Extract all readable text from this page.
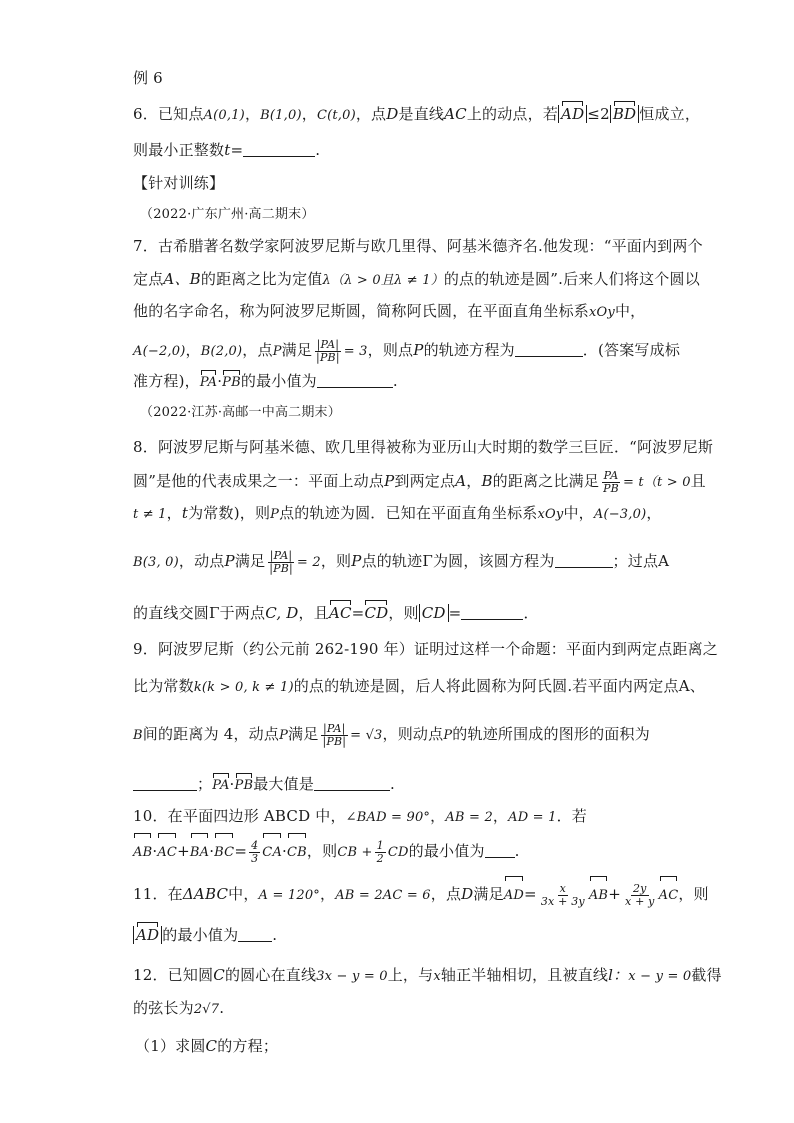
例 6
6．已知点A(0,1)，B(1,0)，C(t,0)，点D是直线AC上的动点，若 AD ≤2 BD 恒成立，
则最小正整数t=	.
【针对训练】
（2022·广东广州·高二期末）
7．古希腊著名数学家阿波罗尼斯与欧几里得、阿基米德齐名.他发现：“平面内到两个
定点A、B的距离之比为定值λ（λ > 0且λ ≠ 1）的点的轨迹是圆”.后来人们将这个圆以
他的名字命名，称为阿波罗尼斯圆，简称阿氏圆，在平面直角坐标系xOy中，
A(−2,0)，B(2,0)，点P满足 $\frac{|PA|}{|PB|} = 3$，则点P的轨迹方程为	．(答案写成标
准方程)，PA·PB的最小值为	.
（2022·江苏·高邮一中高二期末）
8．阿波罗尼斯与阿基米德、欧几里得被称为亚历山大时期的数学三巨匠．“阿波罗尼斯
圆”是他的代表成果之一：平面上动点P到两定点A，B的距离之比满足 $\frac{PA}{PB} = t(t > 0$且
t ≠ 1，t为常数)，则P点的轨迹为圆．已知在平面直角坐标系xOy中，A(−3,0)，
B(3, 0)，动点P满足 $\frac{|PA|}{|PB|} = 2$，则P点的轨迹Γ为圆，该圆方程为	；过点A
的直线交圆Γ于两点C, D，且AC=CD，则 CD =	．
9．阿波罗尼斯（约公元前 262-190 年）证明过这样一个命题：平面内到两定点距离之
比为常数k(k > 0, k ≠ 1)的点的轨迹是圆，后人将此圆称为阿氏圆.若平面内两定点A、
B间的距离为 4，动点P满足 $\frac{|PA|}{|PB|} = √3$，则动点P的轨迹所围成的图形的面积为
；PA·PB最大值是	.
10．在平面四边形 ABCD 中，∠BAD = 90°，AB = 2，AD = 1．若
$AB\cdot AC+BA\cdot BC= \frac{4}{3} CA\cdot CB$，则CB + $\frac{1}{2}$ CD的最小值为 .
11．在ΔABC中，A = 120°，AB = 2AC = 6，点D满足$AD= \frac{x}{3x + 3y} AB+ \frac{2y}{x + y}$ AC，则
AD 的最小值为 .
12．已知圆C的圆心在直线3x − y = 0上，与x轴正半轴相切，且被直线l：x − y = 0截得
的弦长为2√7.
（1）求圆C的方程；
